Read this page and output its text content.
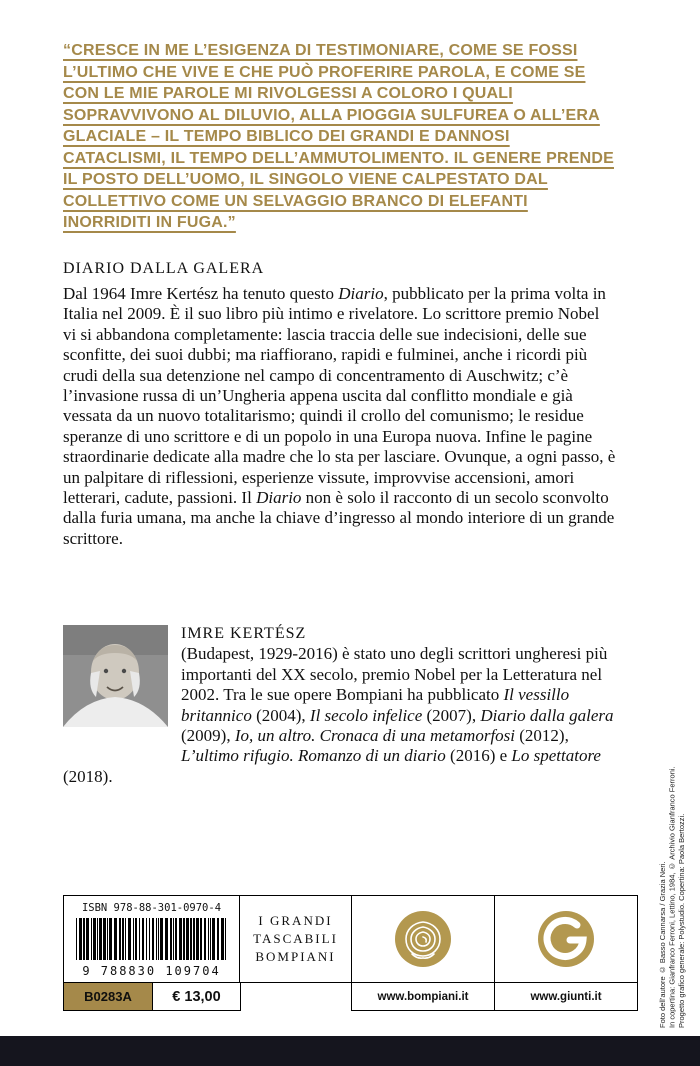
“CRESCE IN ME L’ESIGENZA DI TESTIMONIARE, COME SE FOSSI L’ULTIMO CHE VIVE E CHE PUÒ PROFERIRE PAROLA, E COME SE CON LE MIE PAROLE MI RIVOLGESSI A COLORO I QUALI SOPRAVVIVONO AL DILUVIO, ALLA PIOGGIA SULFUREA O ALL’ERA GLACIALE – IL TEMPO BIBLICO DEI GRANDI E DANNOSI CATACLISMI, IL TEMPO DELL’AMMUTOLIMENTO. IL GENERE PRENDE IL POSTO DELL’UOMO, IL SINGOLO VIENE CALPESTATO DAL COLLETTIVO COME UN SELVAGGIO BRANCO DI ELEFANTI INORRIDITI IN FUGA.”
DIARIO DALLA GALERA

Dal 1964 Imre Kertész ha tenuto questo Diario, pubblicato per la prima volta in Italia nel 2009. È il suo libro più intimo e rivelatore. Lo scrittore premio Nobel vi si abbandona completamente: lascia traccia delle sue indecisioni, delle sue sconfitte, dei suoi dubbi; ma riaffiorano, rapidi e fulminei, anche i ricordi più crudi della sua detenzione nel campo di concentramento di Auschwitz; c’è l’invasione russa di un’Ungheria appena uscita dal conflitto mondiale e già vessata da un nuovo totalitarismo; quindi il crollo del comunismo; le residue speranze di uno scrittore e di un popolo in una Europa nuova. Infine le pagine straordinarie dedicate alla madre che lo sta per lasciare. Ovunque, a ogni passo, è un palpitare di riflessioni, esperienze vissute, improvvise accensioni, amori letterari, cadute, passioni. Il Diario non è solo il racconto di un secolo sconvolto dalla furia umana, ma anche la chiave d’ingresso al mondo interiore di un grande scrittore.

IMRE KERTÉSZ
(Budapest, 1929-2016) è stato uno degli scrittori ungheresi più importanti del XX secolo, premio Nobel per la Letteratura nel 2002. Tra le sue opere Bompiani ha pubblicato Il vessillo britannico (2004), Il secolo infelice (2007), Diario dalla galera (2009), Io, un altro. Cronaca di una metamorfosi (2012), L’ultimo rifugio. Romanzo di un diario (2016) e Lo spettatore (2018).
ISBN 978-88-301-0970-4
9 788830 109704
I GRANDI
TASCABILI
BOMPIANI
B0283A	€ 13,00	www.bompiani.it	www.giunti.it	Foto dell’autore © Basso Cannarsa / Grazia Neri. In copertina: Gianfranco Ferroni, Lettino, 1984, © Archivio Gianfranco Ferroni. Progetto grafico generale: Polystudio. Copertina: Paola Bertozzi.
